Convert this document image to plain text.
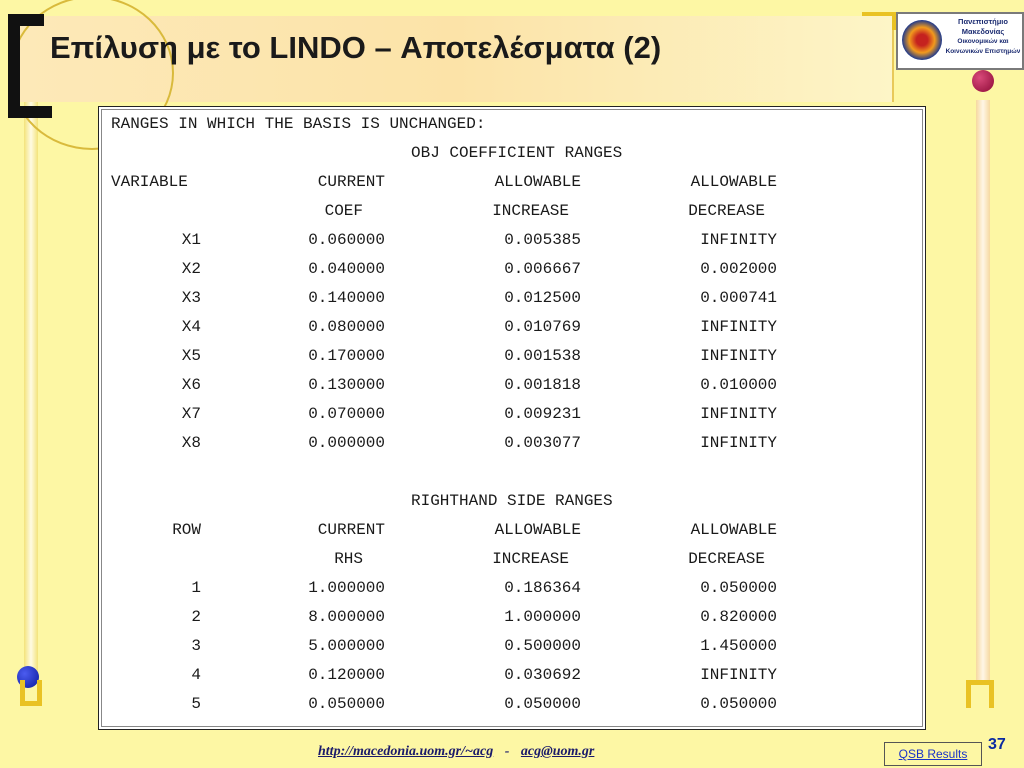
Επίλυση με το LINDO – Αποτελέσματα (2)
Πανεπιστήμιο
Μακεδονίας
Οικονομικών και
Κοινωνικών Επιστημών
RANGES IN WHICH THE BASIS IS UNCHANGED:
OBJ COEFFICIENT RANGES
VARIABLE	CURRENT	ALLOWABLE	ALLOWABLE
COEF	INCREASE	DECREASE
X1	0.060000	0.005385	INFINITY
X2	0.040000	0.006667	0.002000
X3	0.140000	0.012500	0.000741
X4	0.080000	0.010769	INFINITY
X5	0.170000	0.001538	INFINITY
X6	0.130000	0.001818	0.010000
X7	0.070000	0.009231	INFINITY
X8	0.000000	0.003077	INFINITY
RIGHTHAND SIDE RANGES
ROW	CURRENT	ALLOWABLE	ALLOWABLE
RHS	INCREASE	DECREASE
1	1.000000	0.186364	0.050000
2	8.000000	1.000000	0.820000
3	5.000000	0.500000	1.450000
4	0.120000	0.030692	INFINITY
5	0.050000	0.050000	0.050000
http://macedonia.uom.gr/~acg - acg@uom.gr	QSB Results
37
